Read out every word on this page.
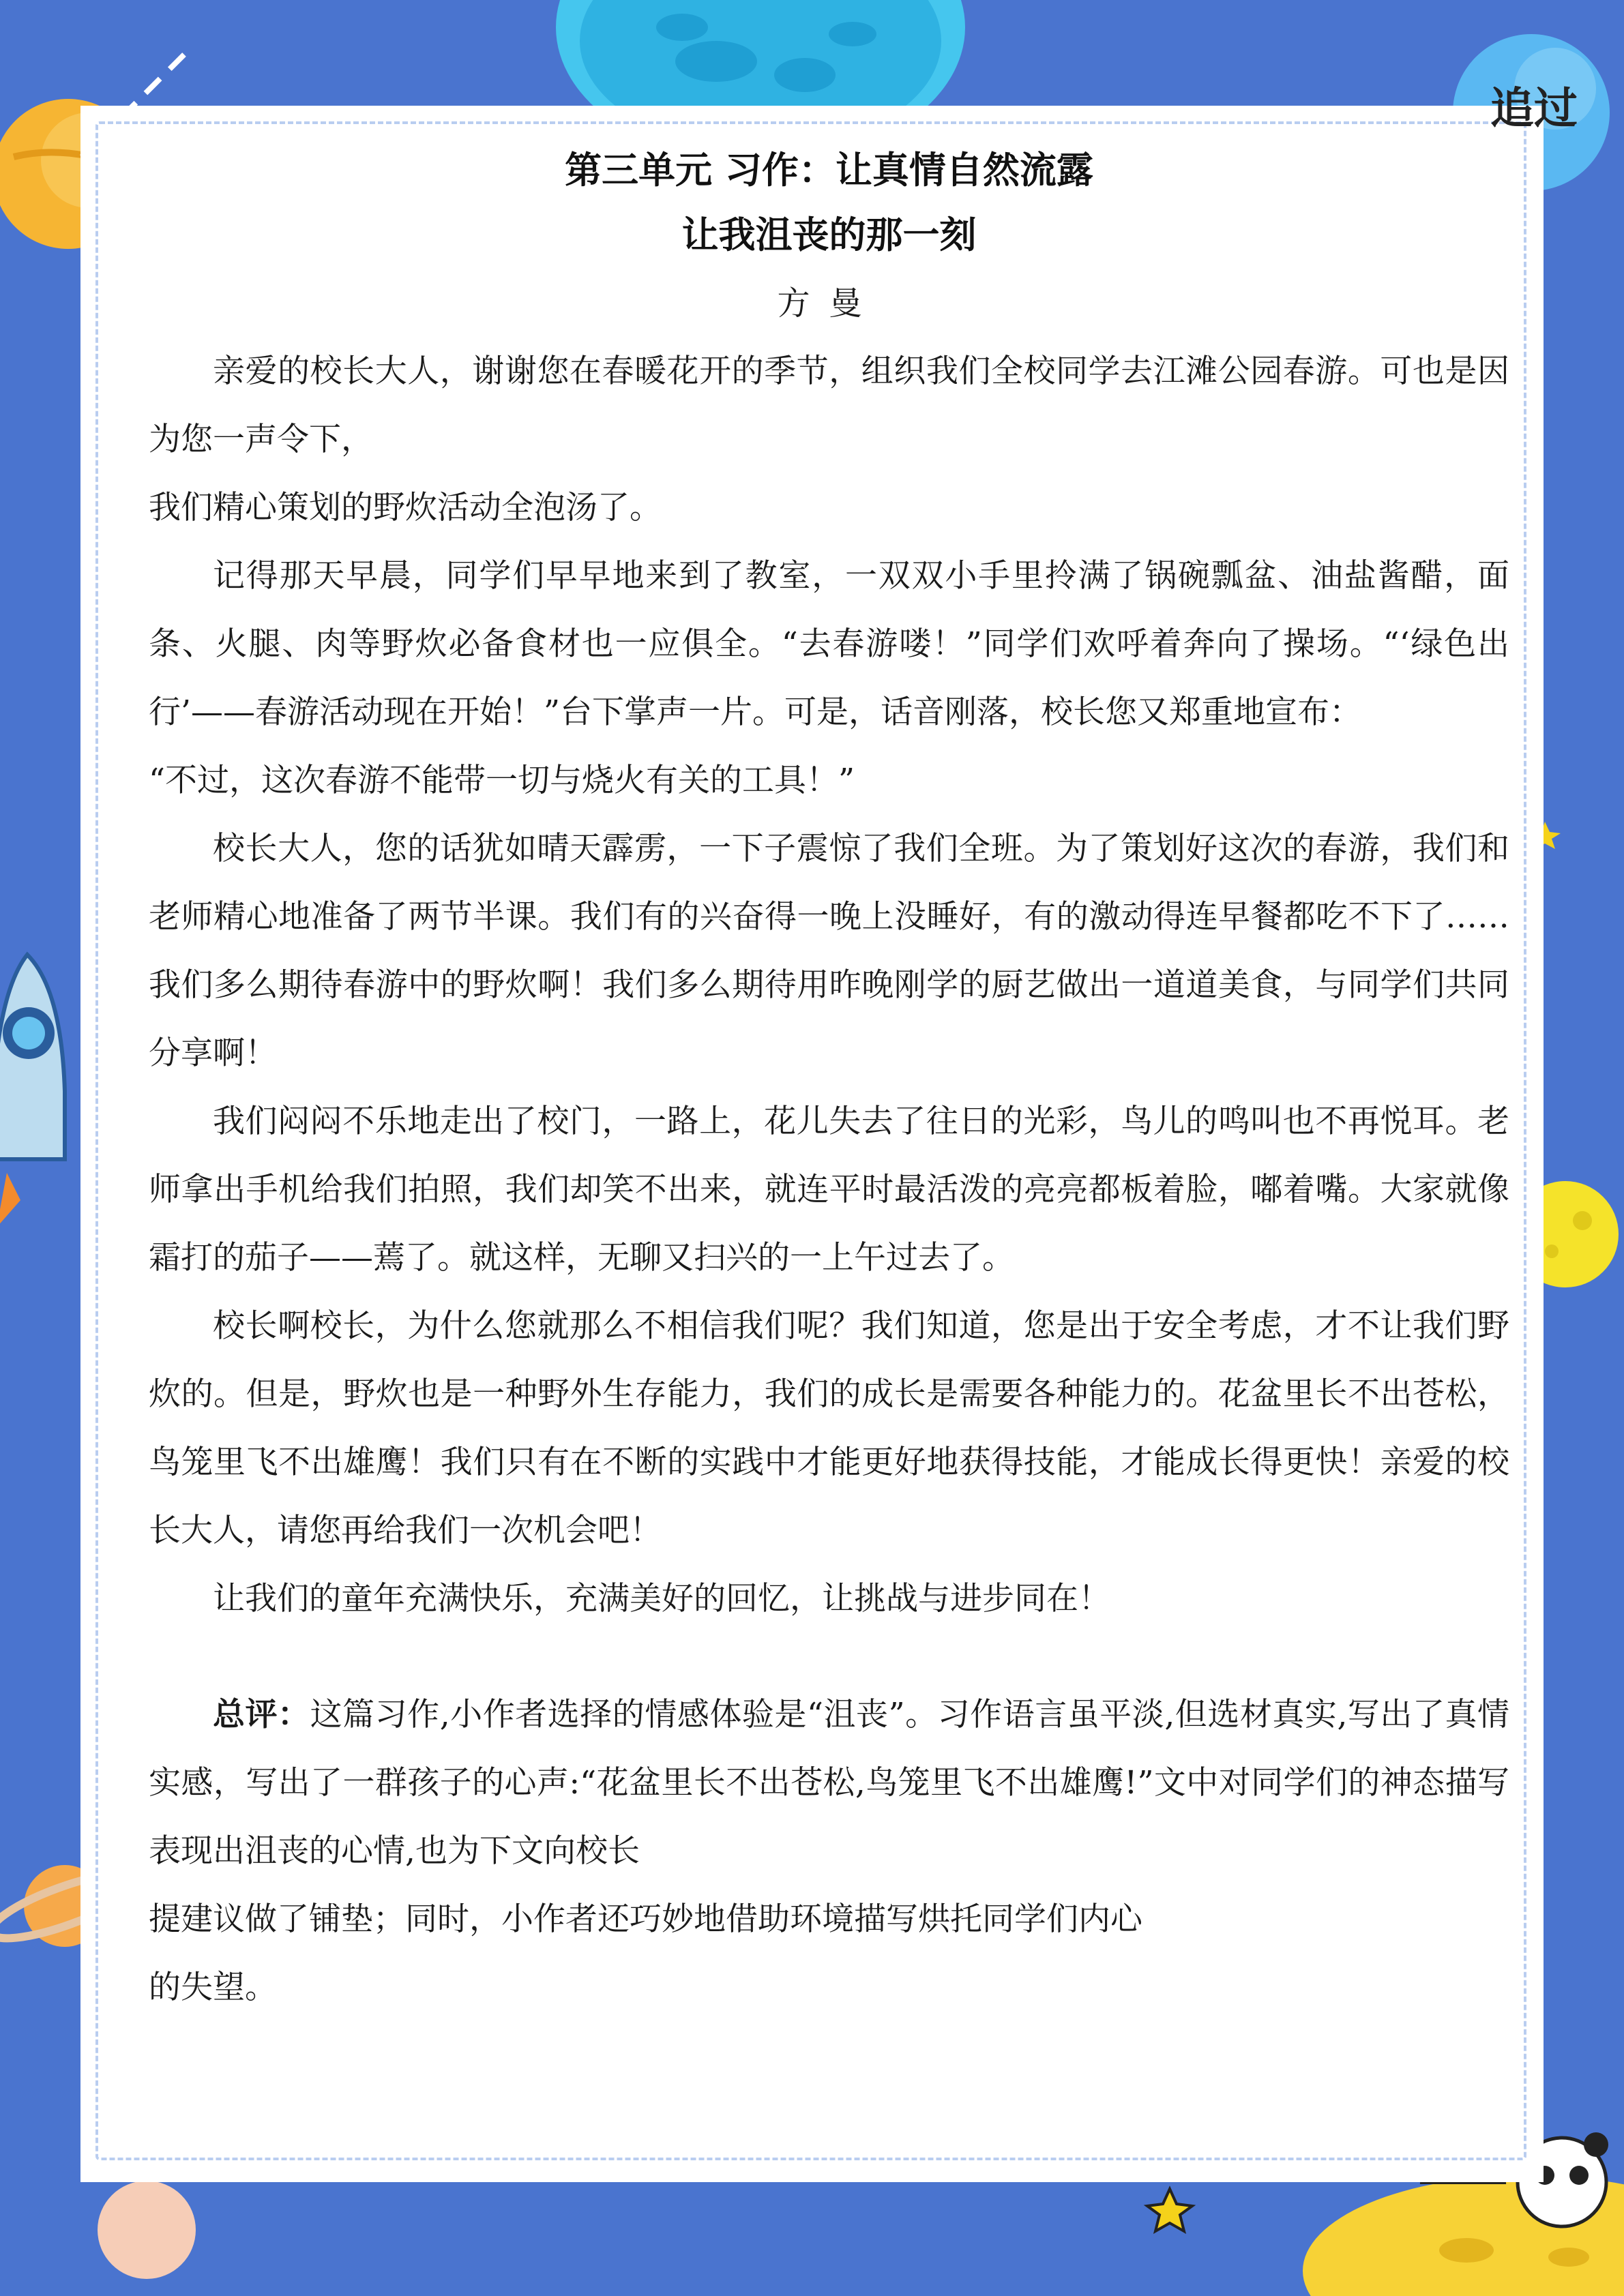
追过
第三单元 习作：让真情自然流露
让我沮丧的那一刻
方曼

亲爱的校长大人，谢谢您在春暖花开的季节，组织我们全校同学去江滩公园春游。可也是因为您一声令下，

我们精心策划的野炊活动全泡汤了。

记得那天早晨，同学们早早地来到了教室，一双双小手里拎满了锅碗瓢盆、油盐酱醋，面条、火腿、肉等野炊必备食材也一应俱全。“去春游喽！”同学们欢呼着奔向了操场。“‘绿色出行’——春游活动现在开始！”台下掌声一片。可是，话音刚落，校长您又郑重地宣布：

“不过，这次春游不能带一切与烧火有关的工具！”

校长大人，您的话犹如晴天霹雳，一下子震惊了我们全班。为了策划好这次的春游，我们和老师精心地准备了两节半课。我们有的兴奋得一晚上没睡好，有的激动得连早餐都吃不下了……我们多么期待春游中的野炊啊！我们多么期待用昨晚刚学的厨艺做出一道道美食，与同学们共同分享啊！

我们闷闷不乐地走出了校门，一路上，花儿失去了往日的光彩，鸟儿的鸣叫也不再悦耳。老师拿出手机给我们拍照，我们却笑不出来，就连平时最活泼的亮亮都板着脸，嘟着嘴。大家就像霜打的茄子——蔫了。就这样，无聊又扫兴的一上午过去了。

校长啊校长，为什么您就那么不相信我们呢？我们知道，您是出于安全考虑，才不让我们野炊的。但是，野炊也是一种野外生存能力，我们的成长是需要各种能力的。花盆里长不出苍松，鸟笼里飞不出雄鹰！我们只有在不断的实践中才能更好地获得技能，才能成长得更快！亲爱的校长大人，请您再给我们一次机会吧！

让我们的童年充满快乐，充满美好的回忆，让挑战与进步同在！

总评：这篇习作,小作者选择的情感体验是“沮丧”。习作语言虽平淡,但选材真实,写出了真情实感，写出了一群孩子的心声:“花盆里长不出苍松,鸟笼里飞不出雄鹰!”文中对同学们的神态描写表现出沮丧的心情,也为下文向校长

提建议做了铺垫；同时，小作者还巧妙地借助环境描写烘托同学们内心

的失望。
